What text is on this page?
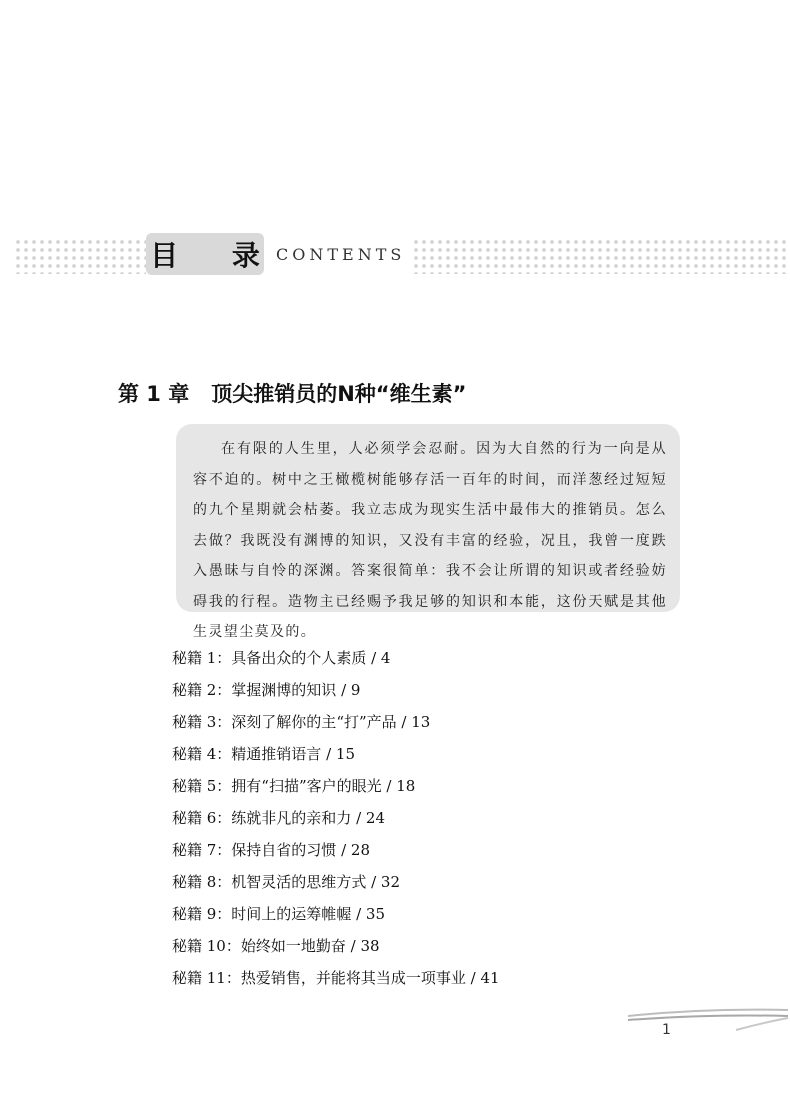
目 录
CONTENTS
第 1 章 顶尖推销员的N种“维生素”

在有限的人生里，人必须学会忍耐。因为大自然的行为一向是从容不迫的。树中之王橄榄树能够存活一百年的时间，而洋葱经过短短的九个星期就会枯萎。我立志成为现实生活中最伟大的推销员。怎么去做？我既没有渊博的知识，又没有丰富的经验，况且，我曾一度跌入愚昧与自怜的深渊。答案很简单：我不会让所谓的知识或者经验妨碍我的行程。造物主已经赐予我足够的知识和本能，这份天赋是其他生灵望尘莫及的。

秘籍 1：具备出众的个人素质 / 4
秘籍 2：掌握渊博的知识 / 9
秘籍 3：深刻了解你的主“打”产品 / 13
秘籍 4：精通推销语言 / 15
秘籍 5：拥有“扫描”客户的眼光 / 18
秘籍 6：练就非凡的亲和力 / 24
秘籍 7：保持自省的习惯 / 28
秘籍 8：机智灵活的思维方式 / 32
秘籍 9：时间上的运筹帷幄 / 35
秘籍 10：始终如一地勤奋 / 38
秘籍 11：热爱销售，并能将其当成一项事业 / 41
1
